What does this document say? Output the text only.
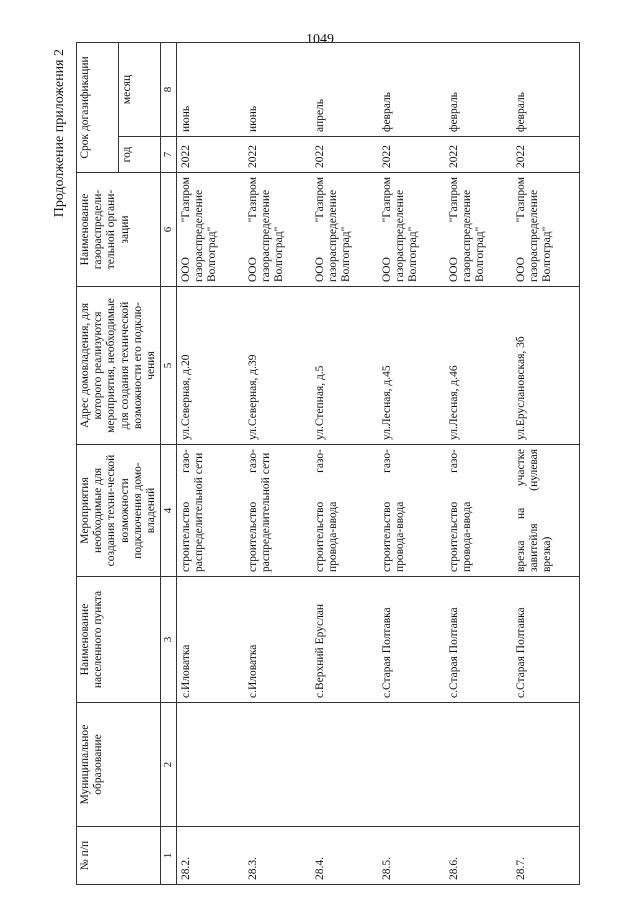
1049
Продолжение приложения 2
№ п/п	Муниципальное образование	Наименование населенного пункта	Мероприятия необходимые для создания техни-ческой возможности подключения домо-владений	Адрес домовладения, для которого реализуются мероприятия, необходимые для создания технической возможности его подклю-чения	Наименование газораспредели-тельной органи-зации	Срок догазификации	
						год	месяц
1	2	3	4	5	6	7	8
28.2.		с.Иловатка	строительство газо-распределительной сети	ул.Северная, д.20	ООО "Газпром газораспределение Волгоград"	2022	июнь
28.3.		с.Иловатка	строительство газо-распределительной сети	ул.Северная, д.39	ООО "Газпром газораспределение Волгоград"	2022	июнь
28.4.		с.Верхний Еруслан	строительство газо-провода-ввода	ул.Степная, д.5	ООО "Газпром газораспределение Волгоград"	2022	апрель
28.5.		с.Старая Полтавка	строительство газо-провода-ввода	ул.Лесная, д.45	ООО "Газпром газораспределение Волгоград"	2022	февраль
28.6.		с.Старая Полтавка	строительство газо-провода-ввода	ул.Лесная, д.46	ООО "Газпром газораспределение Волгоград"	2022	февраль
28.7.		с.Старая Полтавка	врезка на участке завитейля (нулевая врезка)	ул.Еруслановская, 3б	ООО "Газпром газораспределение Волгоград"	2022	февраль
